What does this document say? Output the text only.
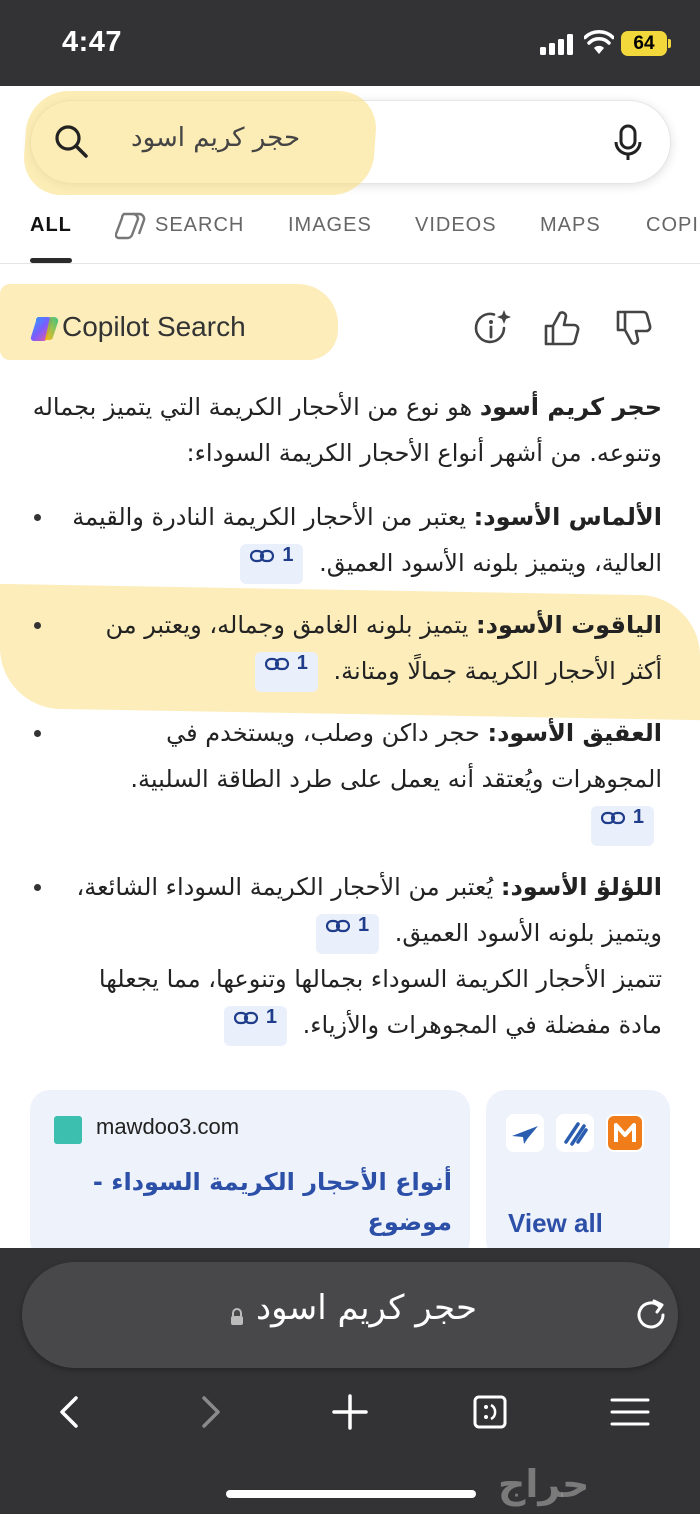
4:47	64
حجر كريم اسود
ALL	SEARCH IMAGES VIDEOS MAPS COPI
Copilot Search

حجر كريم أسود هو نوع من الأحجار الكريمة التي يتميز بجماله وتنوعه. من أشهر أنواع الأحجار الكريمة السوداء:

الألماس الأسود: يعتبر من الأحجار الكريمة النادرة والقيمة العالية، ويتميز بلونه الأسود العميق. 1
الياقوت الأسود: يتميز بلونه الغامق وجماله، ويعتبر من أكثر الأحجار الكريمة جمالًا ومتانة. 1
العقيق الأسود: حجر داكن وصلب، ويستخدم في المجوهرات ويُعتقد أنه يعمل على طرد الطاقة السلبية. 1
اللؤلؤ الأسود: يُعتبر من الأحجار الكريمة السوداء الشائعة، ويتميز بلونه الأسود العميق. 1
تتميز الأحجار الكريمة السوداء بجمالها وتنوعها، مما يجعلها مادة مفضلة في المجوهرات والأزياء. 1
mawdoo3.com
أنواع الأحجار الكريمة السوداء - موضوع View all
حجر كريم اسود
حراج
